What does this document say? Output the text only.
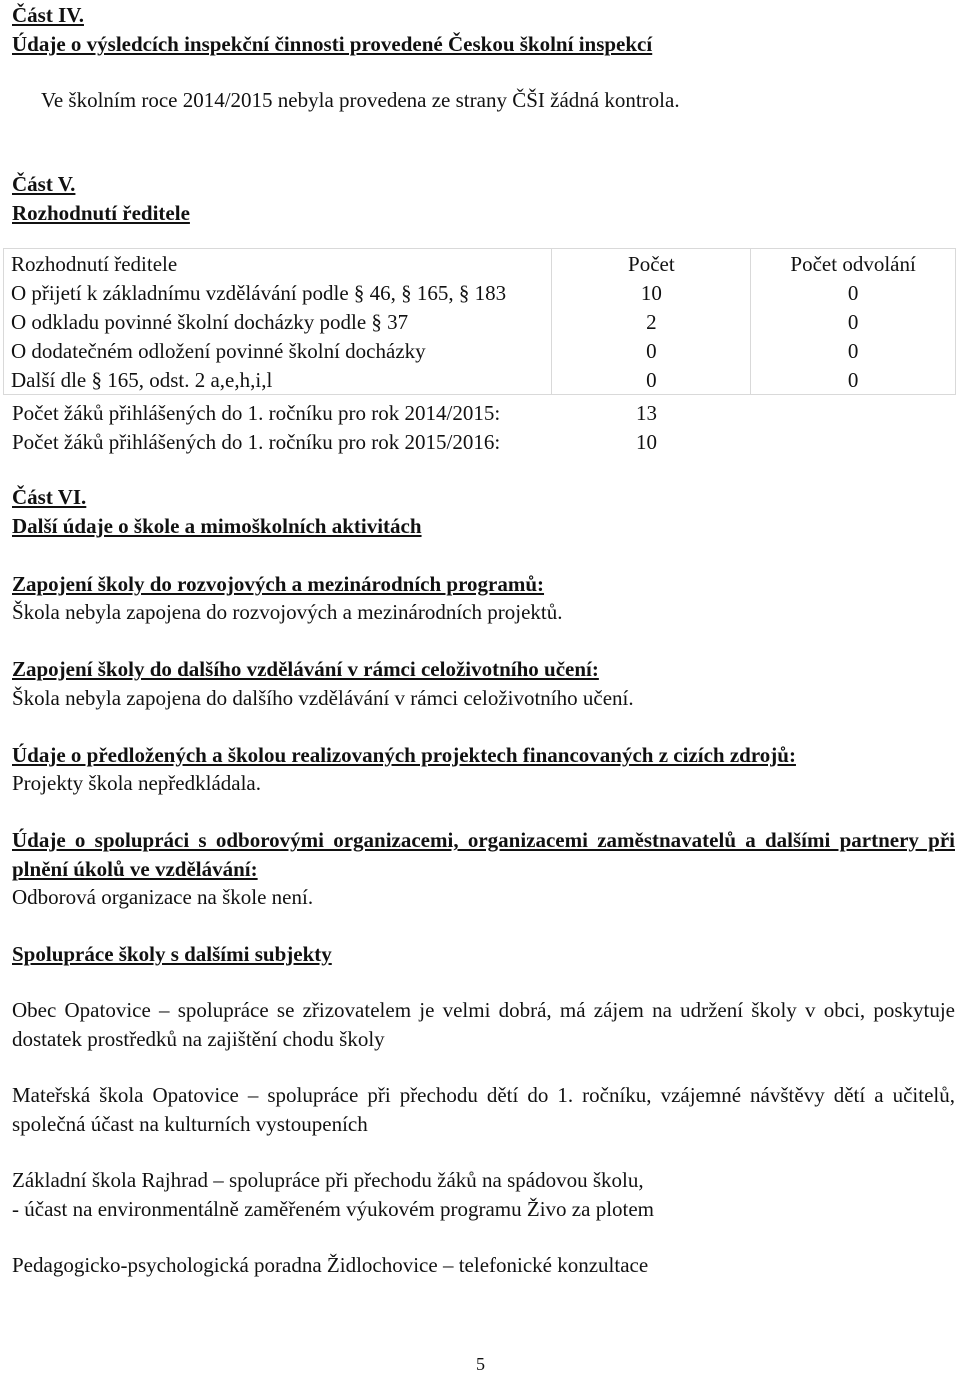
Část IV.
Údaje o výsledcích inspekční činnosti provedené Českou školní inspekcí
Ve školním roce 2014/2015 nebyla provedena ze strany ČŠI žádná kontrola.
Část V.
Rozhodnutí ředitele
Rozhodnutí ředitele	Počet	Počet odvolání
O přijetí k základnímu vzdělávání podle § 46, § 165, § 183	10	0
O odkladu povinné školní docházky podle § 37	2	0
O dodatečném odložení povinné školní docházky	0	0
Další dle § 165, odst. 2 a,e,h,i,l	0	0
Počet žáků přihlášených do 1. ročníku pro rok 2014/2015:	13
Počet žáků přihlášených do 1. ročníku pro rok 2015/2016:	10
Část VI.
Další údaje o škole a mimoškolních aktivitách
Zapojení školy do rozvojových a mezinárodních programů:
Škola nebyla zapojena do rozvojových a mezinárodních projektů.
Zapojení školy do dalšího vzdělávání v rámci celoživotního učení:
Škola nebyla zapojena do dalšího vzdělávání v rámci celoživotního učení.
Údaje o předložených a školou realizovaných projektech financovaných z cizích zdrojů:
Projekty škola nepředkládala.
Údaje o spolupráci s odborovými organizacemi, organizacemi zaměstnavatelů a dalšími partnery při plnění úkolů ve vzdělávání:
Odborová organizace na škole není.
Spolupráce školy s dalšími subjekty
Obec Opatovice – spolupráce se zřizovatelem je velmi dobrá, má zájem na udržení školy v obci, poskytuje dostatek prostředků na zajištění chodu školy
Mateřská škola Opatovice – spolupráce při přechodu dětí do 1. ročníku, vzájemné návštěvy dětí a učitelů, společná účast na kulturních vystoupeních
Základní škola Rajhrad – spolupráce při přechodu žáků na spádovou školu,
- účast na environmentálně zaměřeném výukovém programu Živo za plotem
Pedagogicko-psychologická poradna Židlochovice – telefonické konzultace
5
